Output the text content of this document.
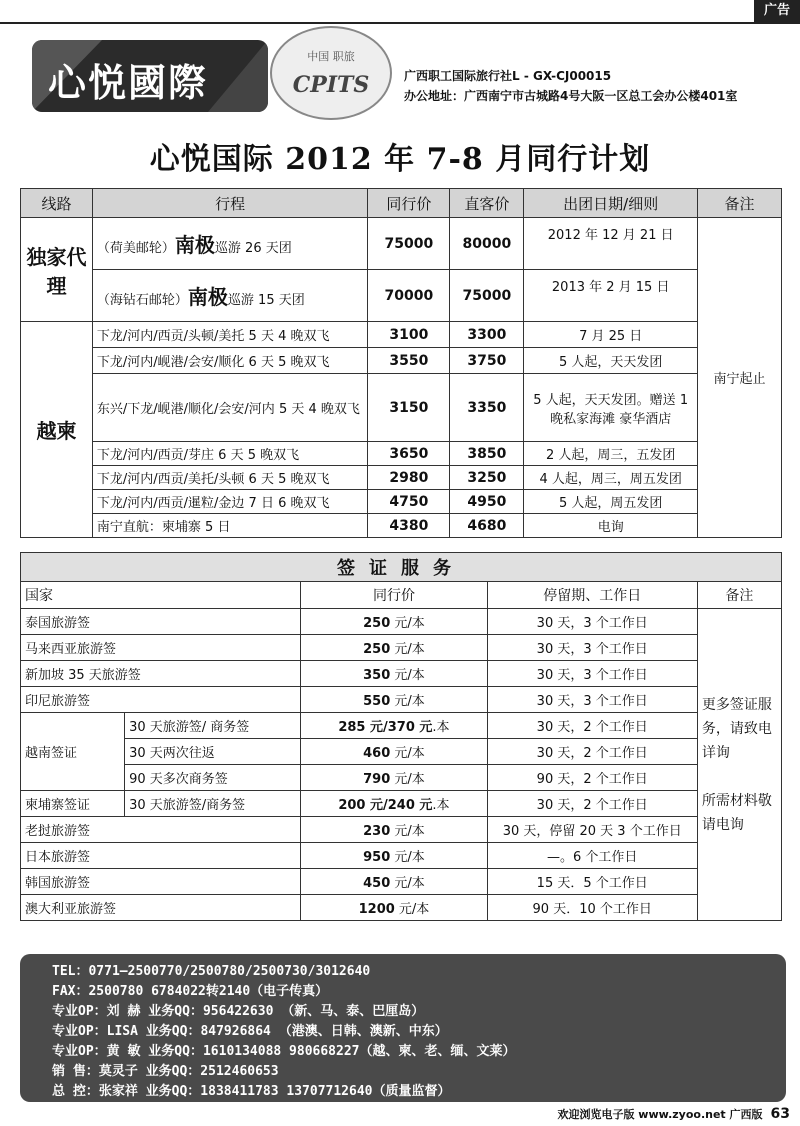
广告
心悦國際
中国 职旅
CPITS	广西职工国际旅行社L - GX-CJ00015
办公地址：广西南宁市古城路4号大阪一区总工会办公楼401室
心悦国际 2012 年 7-8 月同行计划
线路	行程	同行价	直客价	出团日期/细则	备注
独家代理	（荷美邮轮）南极巡游 26 天团	75000	80000	2012 年 12 月 21 日	南宁起止
	（海钻石邮轮）南极巡游 15 天团	70000	75000	2013 年 2 月 15 日	
越柬	下龙/河内/西贡/头顿/美托 5 天 4 晚双飞	3100	3300	7 月 25 日	
	下龙/河内/岘港/会安/顺化 6 天 5 晚双飞	3550	3750	5 人起，天天发团	
	东兴/下龙/岘港/顺化/会安/河内 5 天 4 晚双飞	3150	3350	5 人起，天天发团。赠送 1 晚私家海滩 豪华酒店	
	下龙/河内/西贡/芽庄 6 天 5 晚双飞	3650	3850	2 人起，周三，五发团	
	下龙/河内/西贡/美托/头顿 6 天 5 晚双飞	2980	3250	4 人起，周三，周五发团	
	下龙/河内/西贡/暹粒/金边 7 日 6 晚双飞	4750	4950	5 人起，周五发团	
	南宁直航：柬埔寨 5 日	4380	4680	电询	
签证服务				
国家		同行价	停留期、工作日	备注
泰国旅游签		250 元/本	30 天，3 个工作日	更多签证服务，请致电详询

所需材料敬请电询
马来西亚旅游签		250 元/本	30 天，3 个工作日	
新加坡 35 天旅游签		350 元/本	30 天，3 个工作日	
印尼旅游签		550 元/本	30 天，3 个工作日	
越南签证	30 天旅游签/ 商务签	285 元/370 元.本	30 天，2 个工作日	
	30 天两次往返	460 元/本	30 天，2 个工作日	
	90 天多次商务签	790 元/本	90 天，2 个工作日	
柬埔寨签证	30 天旅游签/商务签	200 元/240 元.本	30 天，2 个工作日	
老挝旅游签		230 元/本	30 天，停留 20 天 3 个工作日	
日本旅游签		950 元/本	—。6 个工作日	
韩国旅游签		450 元/本	15 天．5 个工作日	
澳大利亚旅游签		1200 元/本	90 天．10 个工作日	
TEL：0771—2500770/2500780/2500730/3012640
FAX：2500780 6784022转2140（电子传真）
专业OP：刘 赫 业务QQ：956422630 （新、马、泰、巴厘岛）
专业OP：LISA 业务QQ：847926864 （港澳、日韩、澳新、中东）
专业OP：黄 敏 业务QQ：1610134088 980668227（越、柬、老、缅、文莱）
销 售：莫灵子 业务QQ：2512460653
总 控：张家祥 业务QQ：1838411783 13707712640（质量监督）
欢迎浏览电子版 www.zyoo.net 广西版 63
